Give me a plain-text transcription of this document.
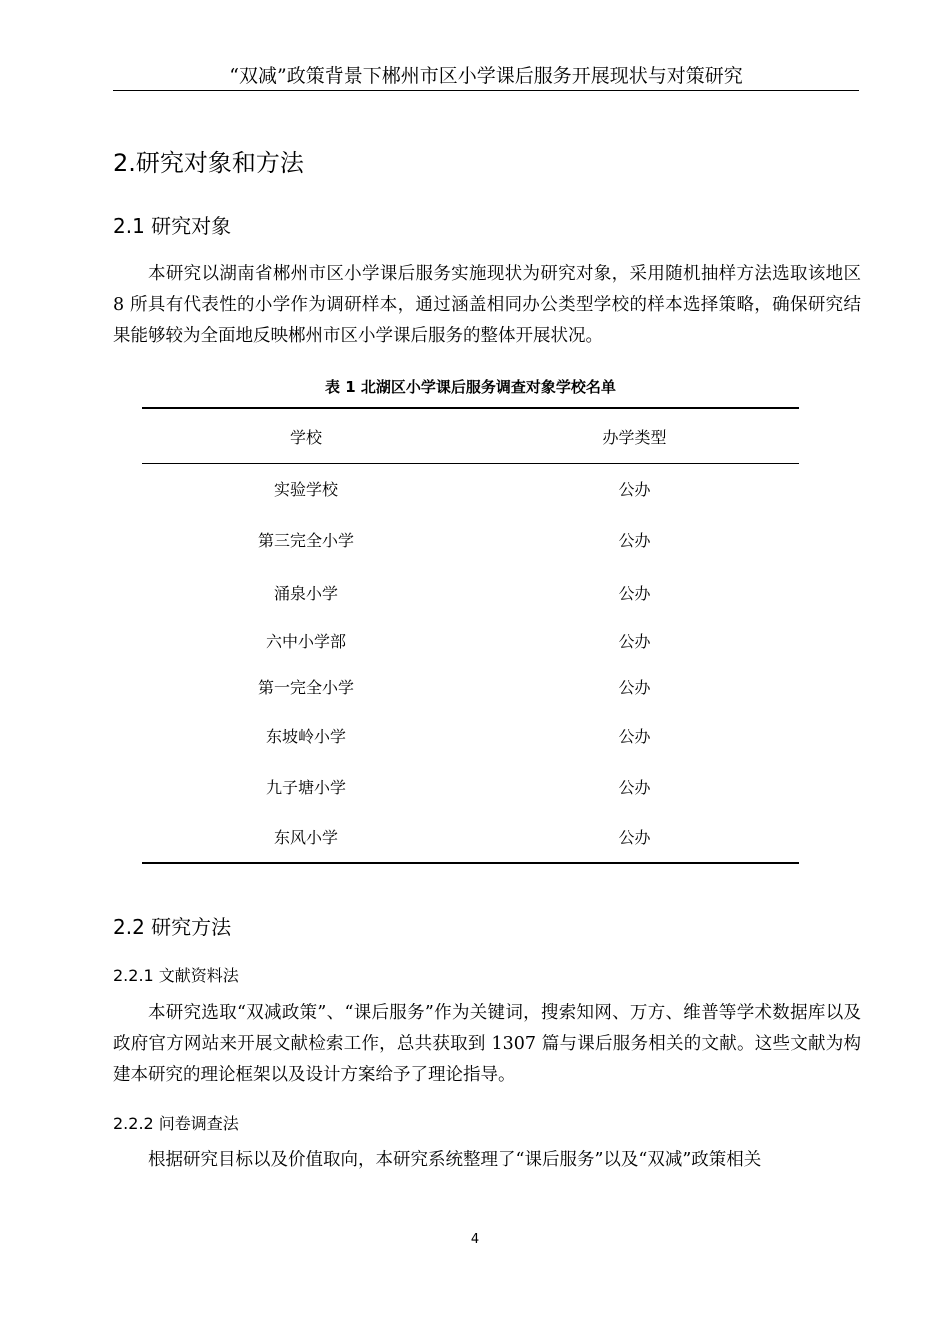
“双减”政策背景下郴州市区小学课后服务开展现状与对策研究
2.研究对象和方法
2.1 研究对象

本研究以湖南省郴州市区小学课后服务实施现状为研究对象，采用随机抽样方法选取该地区 8 所具有代表性的小学作为调研样本，通过涵盖相同办公类型学校的样本选择策略，确保研究结果能够较为全面地反映郴州市区小学课后服务的整体开展状况。

表 1 北湖区小学课后服务调查对象学校名单
学校	办学类型
实验学校	公办
第三完全小学	公办
涌泉小学	公办
六中小学部	公办
第一完全小学	公办
东坡岭小学	公办
九子塘小学	公办
东风小学	公办
2.2 研究方法
2.2.1 文献资料法

本研究选取“双减政策”、“课后服务”作为关键词，搜索知网、万方、维普等学术数据库以及政府官方网站来开展文献检索工作，总共获取到 1307 篇与课后服务相关的文献。这些文献为构建本研究的理论框架以及设计方案给予了理论指导。

2.2.2 问卷调查法

根据研究目标以及价值取向，本研究系统整理了“课后服务”以及“双减”政策相关

4
